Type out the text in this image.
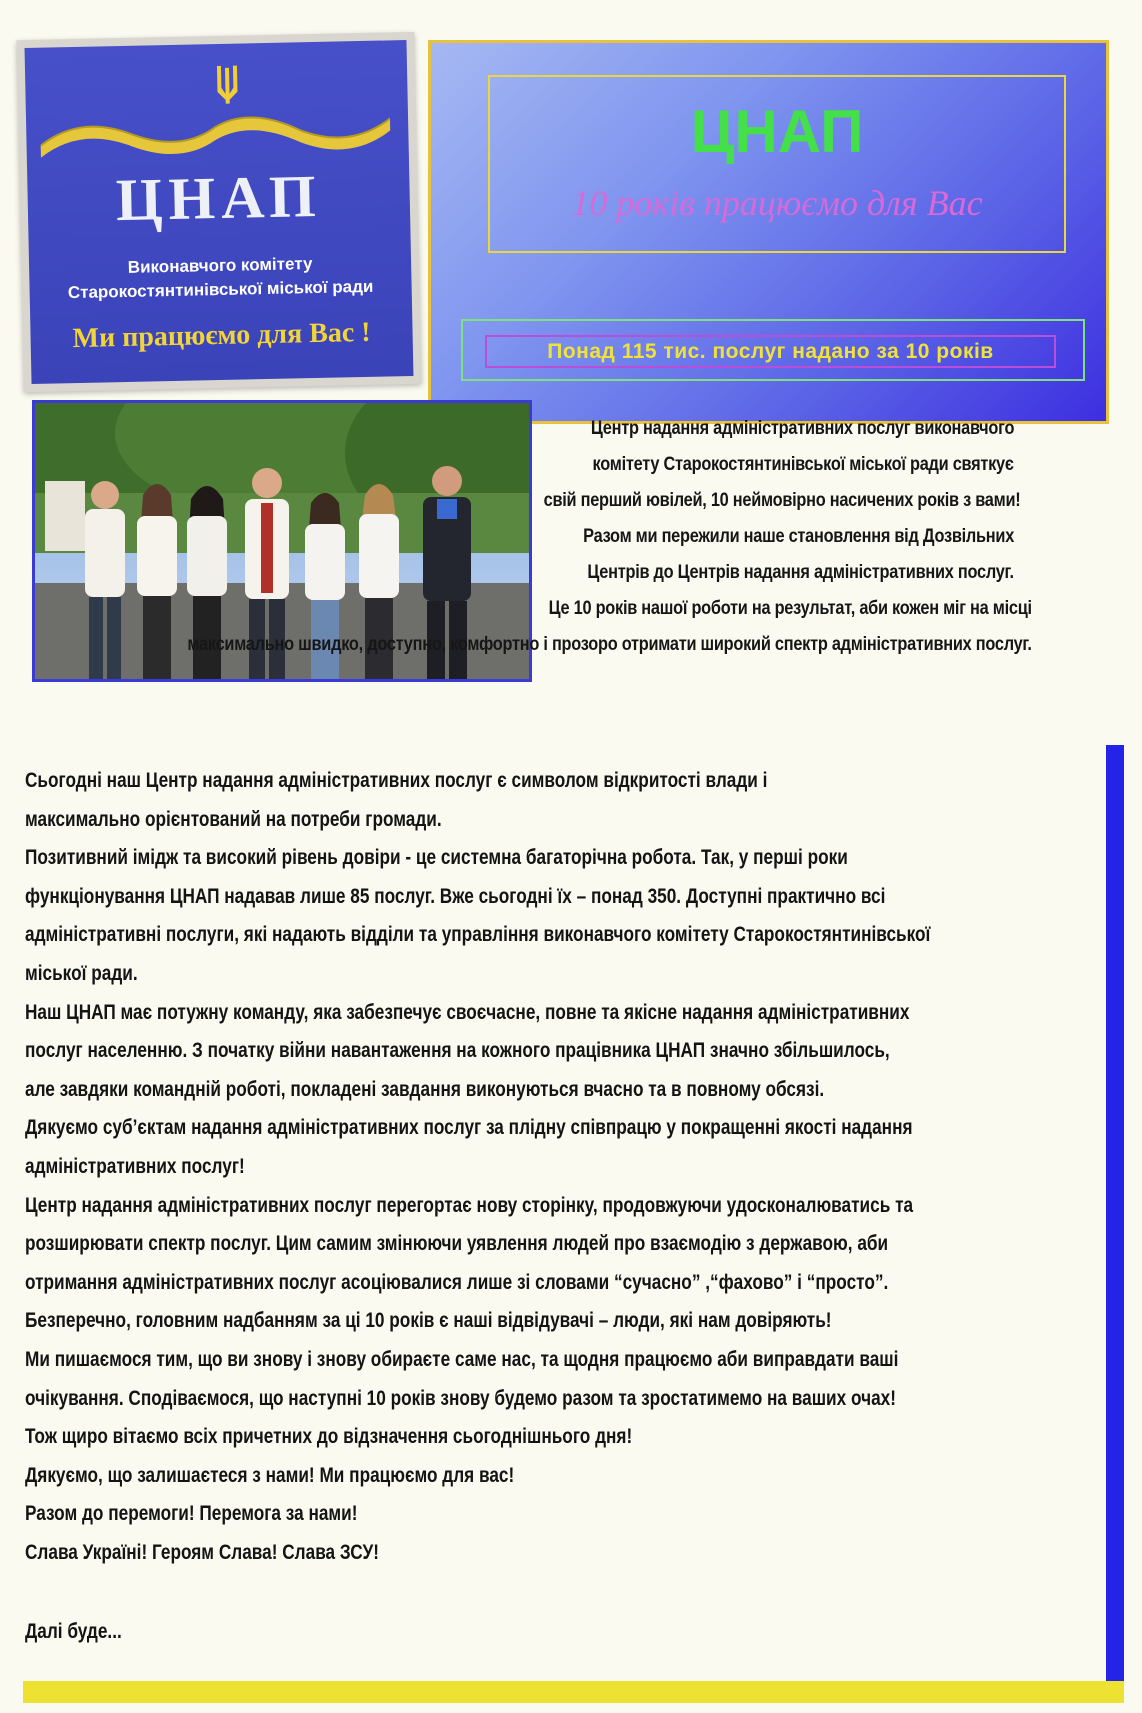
ЦНАП
Виконавчого комітету
Старокостянтинівської міської ради
Ми працюємо для Вас !
ЦНАП
10 років працюємо для Вас
Понад 115 тис. послуг надано за 10 років
Центр надання адміністративних послуг виконавчого
комітету Старокостянтинівської міської ради святкує
свій перший ювілей, 10 неймовірно насичених років з вами!
Разом ми пережили наше становлення від Дозвільних
Центрів до Центрів надання адміністративних послуг.
Це 10 років нашої роботи на результат, аби кожен міг на місці
максимально швидко, доступно, комфортно і прозоро отримати широкий спектр адміністративних послуг.
Сьогодні наш Центр надання адміністративних послуг є символом відкритості влади і
максимально орієнтований на потреби громади.
Позитивний імідж та високий рівень довіри - це системна багаторічна робота. Так, у перші роки
функціонування ЦНАП надавав лише 85 послуг. Вже сьогодні їх – понад 350. Доступні практично всі
адміністративні послуги, які надають відділи та управління виконавчого комітету Старокостянтинівської
міської ради.
Наш ЦНАП має потужну команду, яка забезпечує своєчасне, повне та якісне надання адміністративних
послуг населенню. З початку війни навантаження на кожного працівника ЦНАП значно збільшилось,
але завдяки командній роботі, покладені завдання виконуються вчасно та в повному обсязі.
Дякуємо суб’єктам надання адміністративних послуг за плідну співпрацю у покращенні якості надання
адміністративних послуг!
Центр надання адміністративних послуг перегортає нову сторінку, продовжуючи удосконалюватись та
розширювати спектр послуг. Цим самим змінюючи уявлення людей про взаємодію з державою, аби
отримання адміністративних послуг асоціювалися лише зі словами “сучасно” ,“фахово” і “просто”.
Безперечно, головним надбанням за ці 10 років є наші відвідувачі – люди, які нам довіряють!
Ми пишаємося тим, що ви знову і знову обираєте саме нас, та щодня працюємо аби виправдати ваші
очікування. Сподіваємося, що наступні 10 років знову будемо разом та зростатимемо на ваших очах!
Тож щиро вітаємо всіх причетних до відзначення сьогоднішнього дня!
Дякуємо, що залишаєтеся з нами! Ми працюємо для вас!
Разом до перемоги! Перемога за нами!
Слава Україні! Героям Слава! Слава ЗСУ!
Далі буде...
